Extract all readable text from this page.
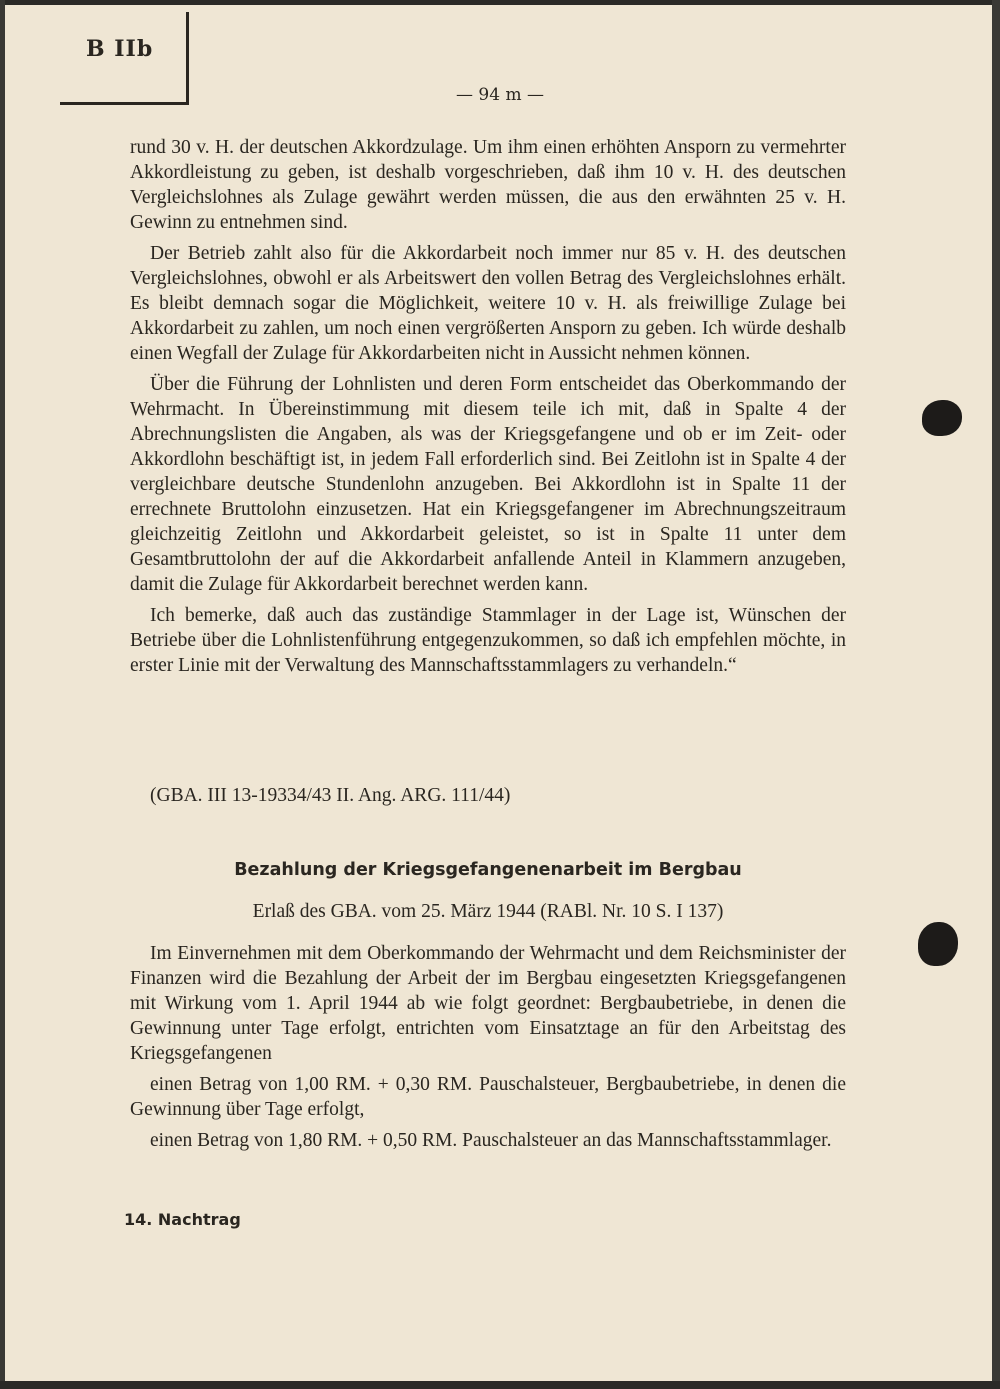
B IIb
— 94 m —

rund 30 v. H. der deutschen Akkordzulage. Um ihm einen erhöhten Ansporn zu vermehrter Akkordleistung zu geben, ist deshalb vorgeschrieben, daß ihm 10 v. H. des deutschen Vergleichslohnes als Zulage gewährt werden müssen, die aus den erwähnten 25 v. H. Gewinn zu entnehmen sind.

Der Betrieb zahlt also für die Akkordarbeit noch immer nur 85 v. H. des deutschen Vergleichslohnes, obwohl er als Arbeitswert den vollen Betrag des Vergleichslohnes erhält. Es bleibt demnach sogar die Möglichkeit, weitere 10 v. H. als freiwillige Zulage bei Akkordarbeit zu zahlen, um noch einen vergrößerten Ansporn zu geben. Ich würde deshalb einen Wegfall der Zulage für Akkordarbeiten nicht in Aussicht nehmen können.

Über die Führung der Lohnlisten und deren Form entscheidet das Oberkommando der Wehrmacht. In Übereinstimmung mit diesem teile ich mit, daß in Spalte 4 der Abrechnungslisten die Angaben, als was der Kriegsgefangene und ob er im Zeit- oder Akkordlohn beschäftigt ist, in jedem Fall erforderlich sind. Bei Zeitlohn ist in Spalte 4 der vergleichbare deutsche Stundenlohn anzugeben. Bei Akkordlohn ist in Spalte 11 der errechnete Bruttolohn einzusetzen. Hat ein Kriegsgefangener im Abrechnungszeitraum gleichzeitig Zeitlohn und Akkordarbeit geleistet, so ist in Spalte 11 unter dem Gesamtbruttolohn der auf die Akkordarbeit anfallende Anteil in Klammern anzugeben, damit die Zulage für Akkordarbeit berechnet werden kann.

Ich bemerke, daß auch das zuständige Stammlager in der Lage ist, Wünschen der Betriebe über die Lohnlistenführung entgegenzukommen, so daß ich empfehlen möchte, in erster Linie mit der Verwaltung des Mannschaftsstammlagers zu verhandeln.“

(GBA. III 13-19334/43 II. Ang. ARG. 111/44)
Bezahlung der Kriegsgefangenenarbeit im Bergbau
Erlaß des GBA. vom 25. März 1944 (RABl. Nr. 10 S. I 137)

Im Einvernehmen mit dem Oberkommando der Wehrmacht und dem Reichsminister der Finanzen wird die Bezahlung der Arbeit der im Bergbau eingesetzten Kriegsgefangenen mit Wirkung vom 1. April 1944 ab wie folgt geordnet: Bergbaubetriebe, in denen die Gewinnung unter Tage erfolgt, entrichten vom Einsatztage an für den Arbeitstag des Kriegsgefangenen

einen Betrag von 1,00 RM. + 0,30 RM. Pauschalsteuer, Bergbaubetriebe, in denen die Gewinnung über Tage erfolgt,

einen Betrag von 1,80 RM. + 0,50 RM. Pauschalsteuer an das Mannschaftsstammlager.

14. Nachtrag
